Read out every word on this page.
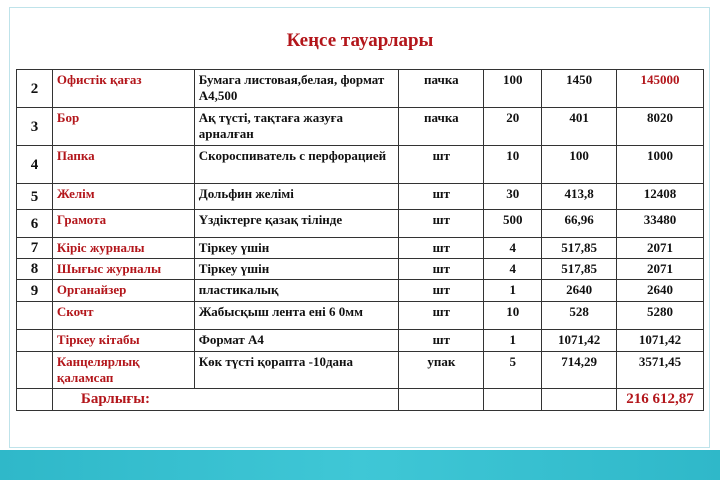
Кеңсе тауарлары
2	Офистік қағаз	Бумага листовая,белая, формат А4,500	пачка	100	1450	145000
3	Бор	Ақ түсті, тақтаға жазуға арналған	пачка	20	401	8020
4	Папка	Скороспиватель с перфорацией	шт	10	100	1000
5	Желім	Дольфин желімі	шт	30	413,8	12408
6	Грамота	Үздіктерге қазақ тілінде	шт	500	66,96	33480
7	Кіріс журналы	Тіркеу үшін	шт	4	517,85	2071
8	Шығыс журналы	Тіркеу үшін	шт	4	517,85	2071
9	Органайзер	пластикалық	шт	1	2640	2640
	Скочт	Жабысқыш лента ені 6 0мм	шт	10	528	5280
	Тіркеу кітабы	Формат А4	шт	1	1071,42	1071,42
	Канцелярлық қаламсап	Көк түсті қорапта -10дана	упак	5	714,29	3571,45
	Барлығы:					216 612,87
